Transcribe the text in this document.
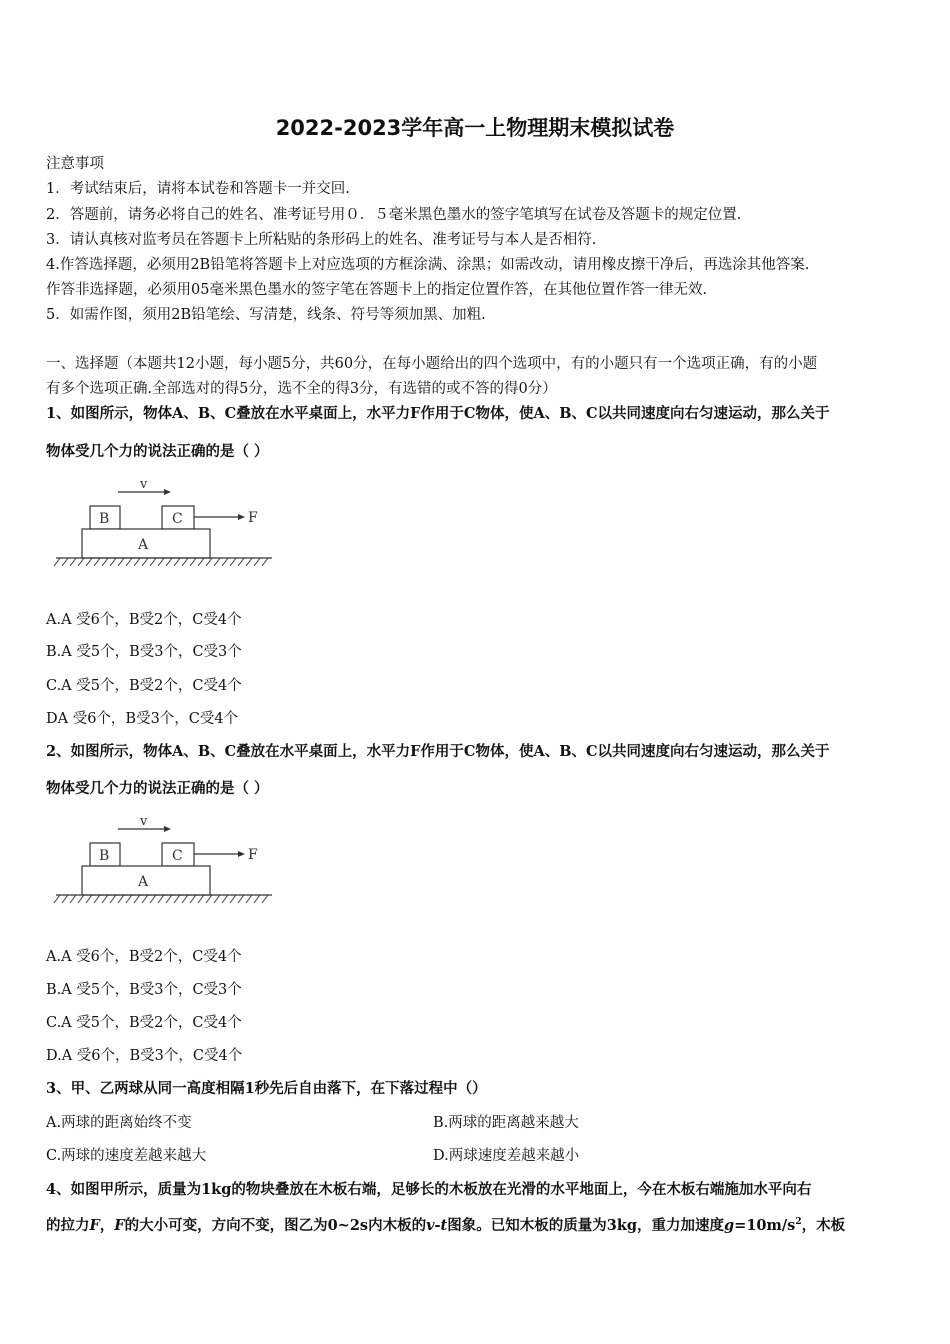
2022-2023学年高一上物理期末模拟试卷
注意事项
1．考试结束后，请将本试卷和答题卡一并交回.
2．答题前，请务必将自己的姓名、准考证号用０．５毫米黑色墨水的签字笔填写在试卷及答题卡的规定位置.
3．请认真核对监考员在答题卡上所粘贴的条形码上的姓名、准考证号与本人是否相符.
4.作答选择题，必须用2B铅笔将答题卡上对应选项的方框涂满、涂黑；如需改动，请用橡皮擦干净后，再选涂其他答案.
作答非选择题，必须用05毫米黑色墨水的签字笔在答题卡上的指定位置作答，在其他位置作答一律无效.
5．如需作图，须用2B铅笔绘、写清楚，线条、符号等须加黑、加粗.
一、选择题（本题共12小题，每小题5分，共60分，在每小题给出的四个选项中，有的小题只有一个选项正确，有的小题
有多个选项正确.全部选对的得5分，选不全的得3分，有选错的或不答的得0分）
1、如图所示，物体A、B、C叠放在水平桌面上，水平力F作用于C物体，使A、B、C以共同速度向右匀速运动，那么关于
物体受几个力的说法正确的是（ ）
v
B	C	F
A
A.A 受6个，B受2个，C受4个
B.A 受5个，B受3个，C受3个
C.A 受5个，B受2个，C受4个
DA 受6个，B受3个，C受4个
2、如图所示，物体A、B、C叠放在水平桌面上，水平力F作用于C物体，使A、B、C以共同速度向右匀速运动，那么关于
物体受几个力的说法正确的是（ ）
v
B	C	F
A
A.A 受6个，B受2个，C受4个
B.A 受5个，B受3个，C受3个
C.A 受5个，B受2个，C受4个
D.A 受6个，B受3个，C受4个
3、甲、乙两球从同一高度相隔1秒先后自由落下，在下落过程中（）
A.两球的距离始终不变	B.两球的距离越来越大
C.两球的速度差越来越大	D.两球速度差越来越小
4、如图甲所示，质量为1kg的物块叠放在木板右端，足够长的木板放在光滑的水平地面上，今在木板右端施加水平向右
的拉力F，F的大小可变，方向不变，图乙为0~2s内木板的v-t图象。已知木板的质量为3kg，重力加速度$g=10m/s^2$，木板
